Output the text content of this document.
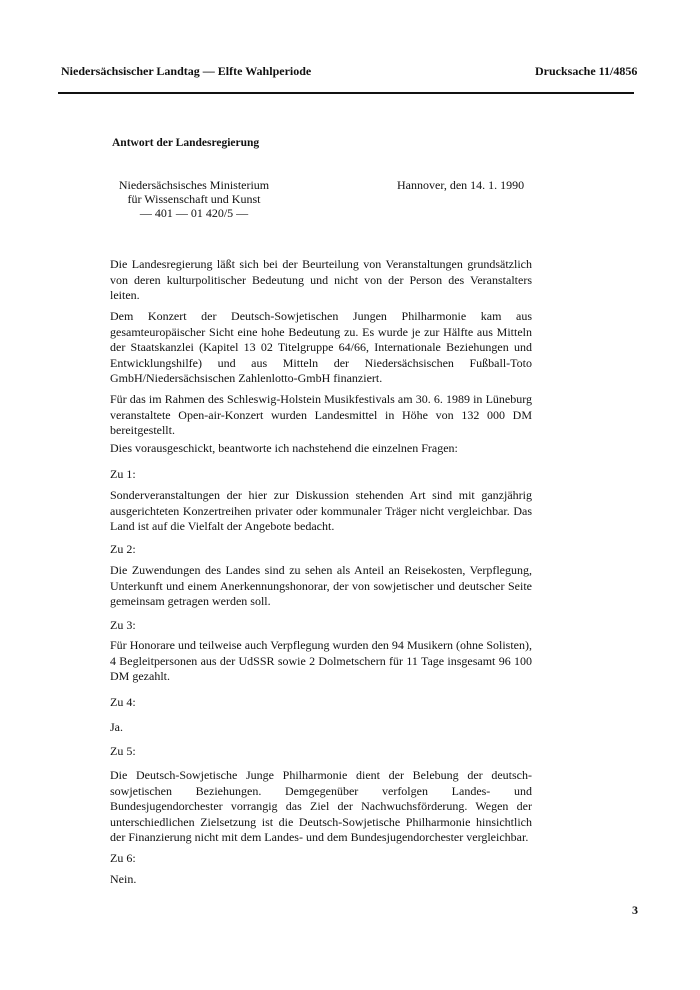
Niedersächsischer Landtag — Elfte Wahlperiode	Drucksache 11/4856
Antwort der Landesregierung
Niedersächsisches Ministerium
für Wissenschaft und Kunst
— 401 — 01 420/5 —
Hannover, den 14. 1. 1990

Die Landesregierung läßt sich bei der Beurteilung von Veranstaltungen grundsätzlich von deren kulturpolitischer Bedeutung und nicht von der Person des Veranstalters leiten.

Dem Konzert der Deutsch-Sowjetischen Jungen Philharmonie kam aus gesamteuropäischer Sicht eine hohe Bedeutung zu. Es wurde je zur Hälfte aus Mitteln der Staatskanzlei (Kapitel 13 02 Titelgruppe 64/66, Internationale Beziehungen und Entwicklungshilfe) und aus Mitteln der Niedersächsischen Fußball-Toto GmbH/Niedersächsischen Zahlenlotto-GmbH finanziert.

Für das im Rahmen des Schleswig-Holstein Musikfestivals am 30. 6. 1989 in Lüneburg veranstaltete Open-air-Konzert wurden Landesmittel in Höhe von 132 000 DM bereitgestellt.

Dies vorausgeschickt, beantworte ich nachstehend die einzelnen Fragen:

Zu 1:

Sonderveranstaltungen der hier zur Diskussion stehenden Art sind mit ganzjährig ausgerichteten Konzertreihen privater oder kommunaler Träger nicht vergleichbar. Das Land ist auf die Vielfalt der Angebote bedacht.

Zu 2:

Die Zuwendungen des Landes sind zu sehen als Anteil an Reisekosten, Verpflegung, Unterkunft und einem Anerkennungshonorar, der von sowjetischer und deutscher Seite gemeinsam getragen werden soll.

Zu 3:

Für Honorare und teilweise auch Verpflegung wurden den 94 Musikern (ohne Solisten), 4 Begleitpersonen aus der UdSSR sowie 2 Dolmetschern für 11 Tage insgesamt 96 100 DM gezahlt.

Zu 4:

Ja.

Zu 5:

Die Deutsch-Sowjetische Junge Philharmonie dient der Belebung der deutsch-sowjetischen Beziehungen. Demgegenüber verfolgen Landes- und Bundesjugendorchester vorrangig das Ziel der Nachwuchsförderung. Wegen der unterschiedlichen Zielsetzung ist die Deutsch-Sowjetische Philharmonie hinsichtlich der Finanzierung nicht mit dem Landes- und dem Bundesjugendorchester vergleichbar.

Zu 6:

Nein.

3
